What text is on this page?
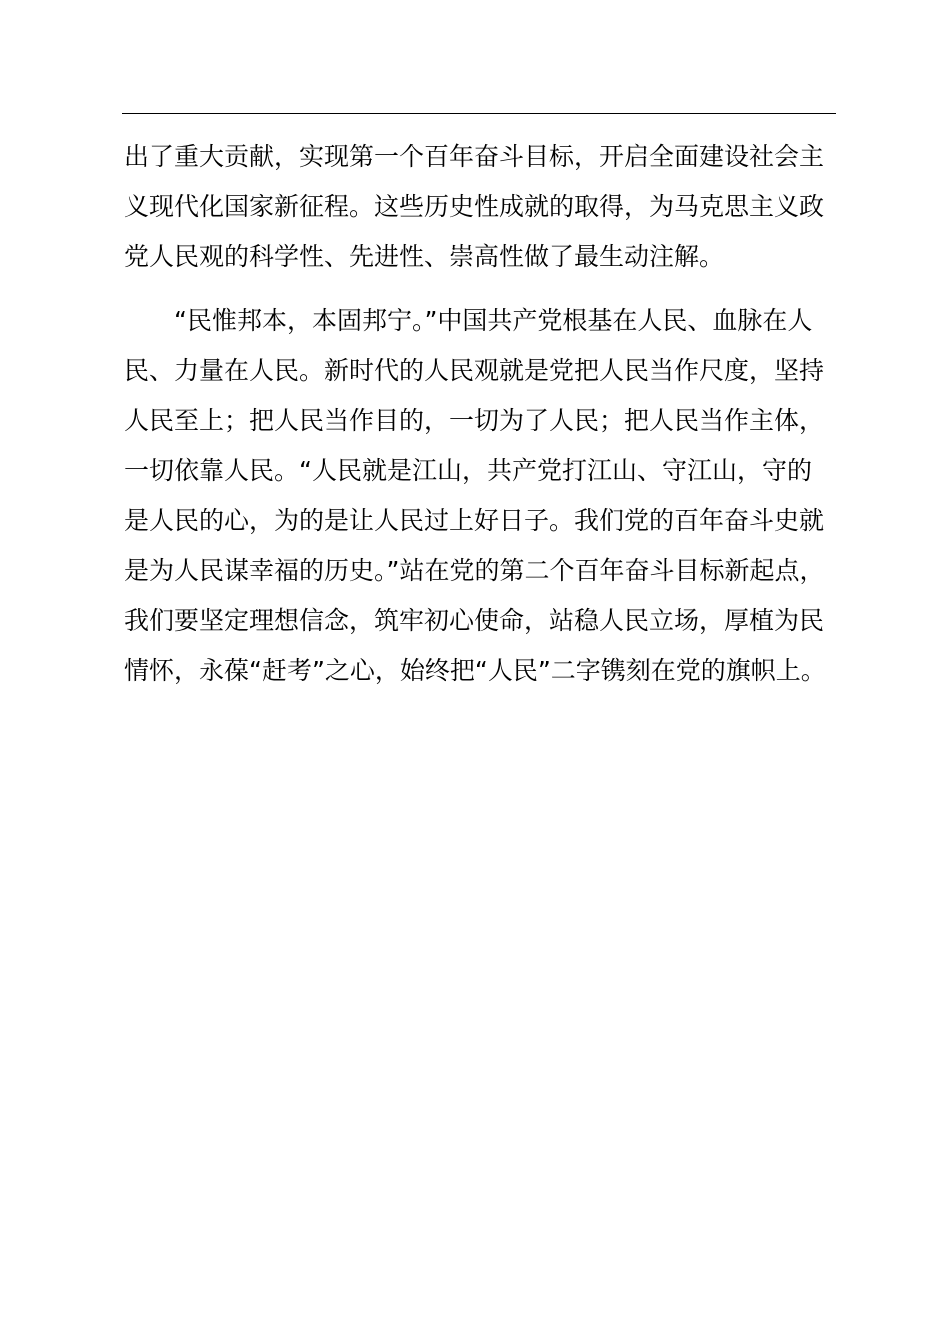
出了重大贡献，实现第一个百年奋斗目标，开启全面建设社会主
义现代化国家新征程。这些历史性成就的取得，为马克思主义政
党人民观的科学性、先进性、崇高性做了最生动注解。
“民惟邦本，本固邦宁。”中国共产党根基在人民、血脉在人
民、力量在人民。新时代的人民观就是党把人民当作尺度，坚持
人民至上；把人民当作目的，一切为了人民；把人民当作主体，
一切依靠人民。“人民就是江山，共产党打江山、守江山，守的
是人民的心，为的是让人民过上好日子。我们党的百年奋斗史就
是为人民谋幸福的历史。”站在党的第二个百年奋斗目标新起点，
我们要坚定理想信念，筑牢初心使命，站稳人民立场，厚植为民
情怀，永葆“赶考”之心，始终把“人民”二字镌刻在党的旗帜上。
